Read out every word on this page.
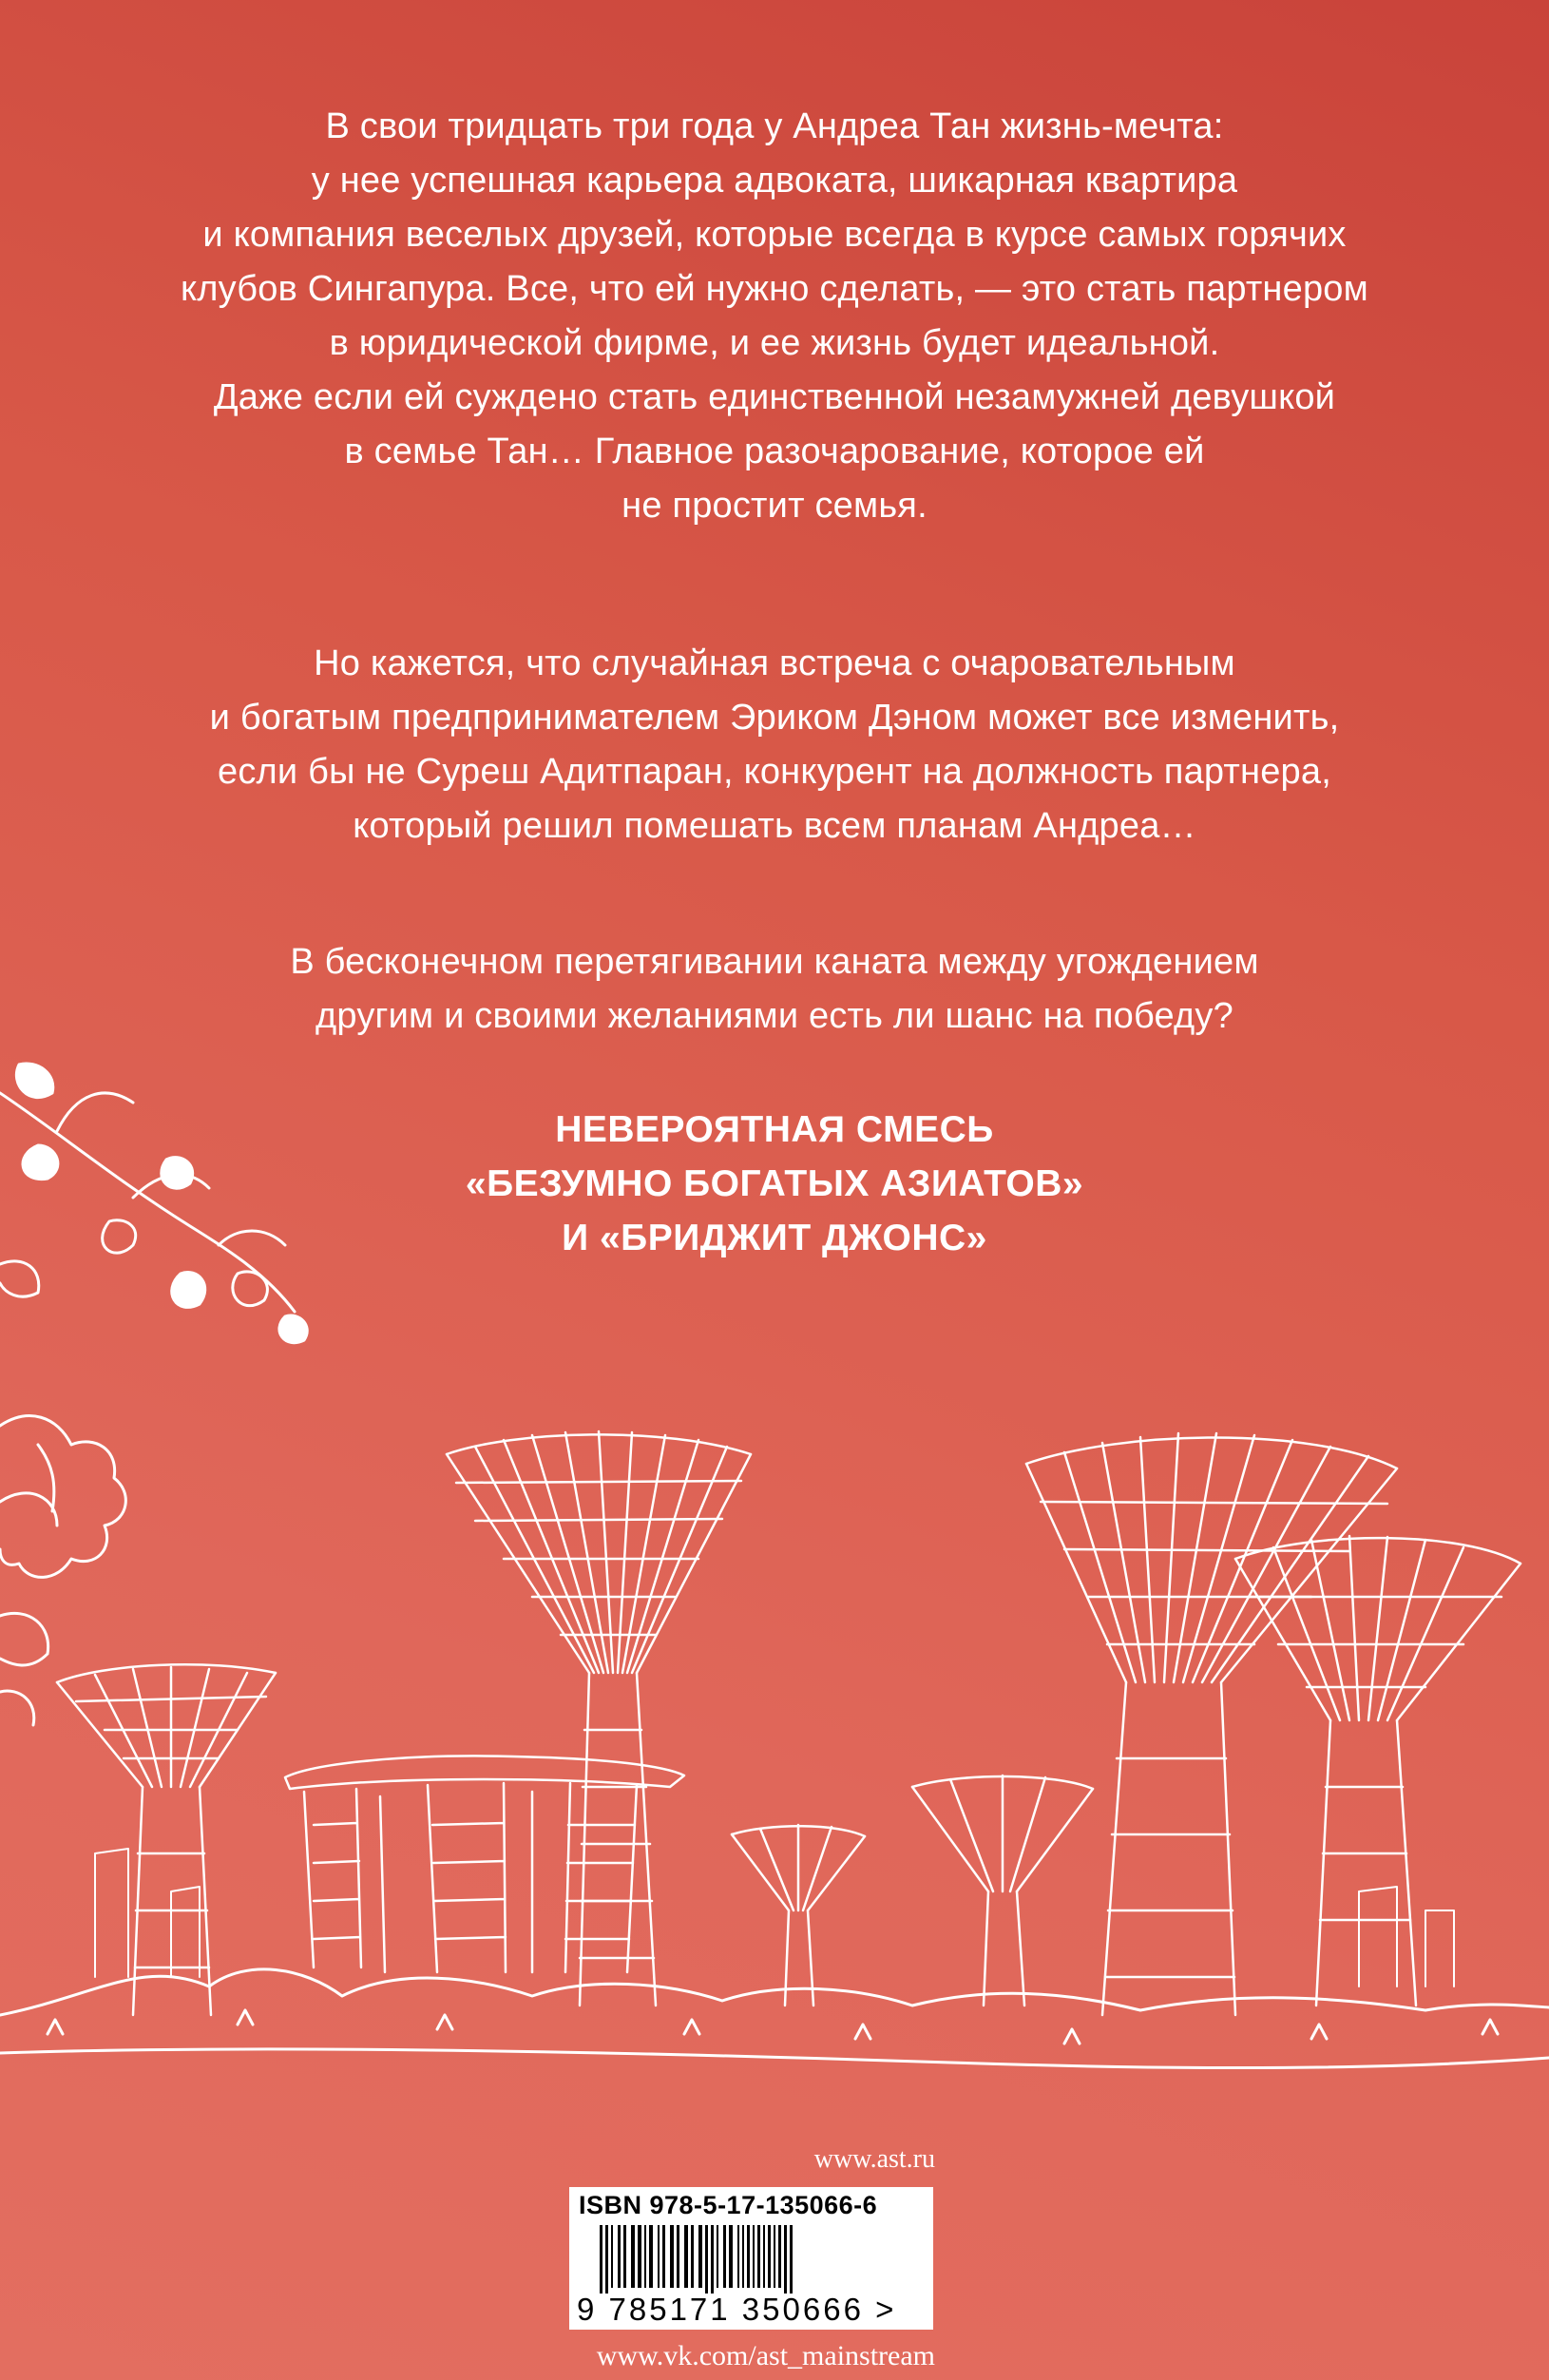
В свои тридцать три года у Андреа Тан жизнь-мечта:

у нее успешная карьера адвоката, шикарная квартира

и компания веселых друзей, которые всегда в курсе самых горячих

клубов Сингапура. Все, что ей нужно сделать, — это стать партнером

в юридической фирме, и ее жизнь будет идеальной.

Даже если ей суждено стать единственной незамужней девушкой

в семье Тан… Главное разочарование, которое ей

не простит семья.

Но кажется, что случайная встреча с очаровательным

и богатым предпринимателем Эриком Дэном может все изменить,

если бы не Суреш Адитпаран, конкурент на должность партнера,

который решил помешать всем планам Андреа…

В бесконечном перетягивании каната между угождением

другим и своими желаниями есть ли шанс на победу?

НЕВЕРОЯТНАЯ СМЕСЬ

«БЕЗУМНО БОГАТЫХ АЗИАТОВ»

И «БРИДЖИТ ДЖОНС»

www.ast.ru
ISBN 978-5-17-135066-6
9 785171 350666 >
www.vk.com/ast_mainstream
